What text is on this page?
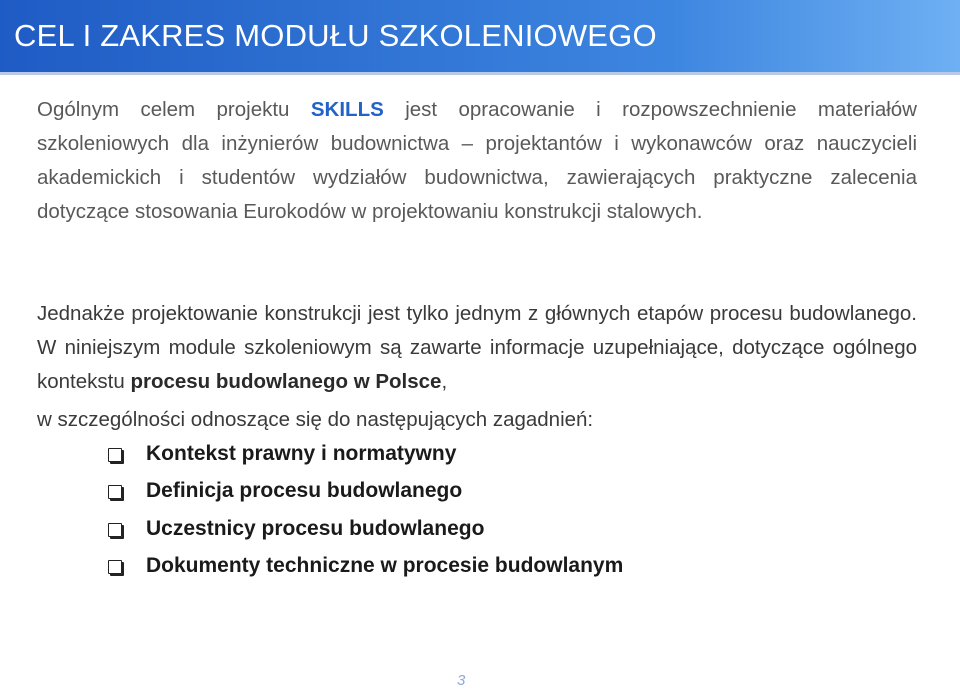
CEL I ZAKRES MODUŁU SZKOLENIOWEGO
Ogólnym celem projektu SKILLS jest opracowanie i rozpowszechnienie materiałów szkoleniowych dla inżynierów budownictwa – projektantów i wykonawców oraz nauczycieli akademickich i studentów wydziałów budownictwa, zawierających praktyczne zalecenia dotyczące stosowania Eurokodów w projektowaniu konstrukcji stalowych.
Jednakże projektowanie konstrukcji jest tylko jednym z głównych etapów procesu budowlanego. W niniejszym module szkoleniowym są zawarte informacje uzupełniające, dotyczące ogólnego kontekstu procesu budowlanego w Polsce,
w szczególności odnoszące się do następujących zagadnień:
Kontekst prawny i normatywny
Definicja procesu budowlanego
Uczestnicy procesu budowlanego
Dokumenty techniczne w procesie budowlanym
3
